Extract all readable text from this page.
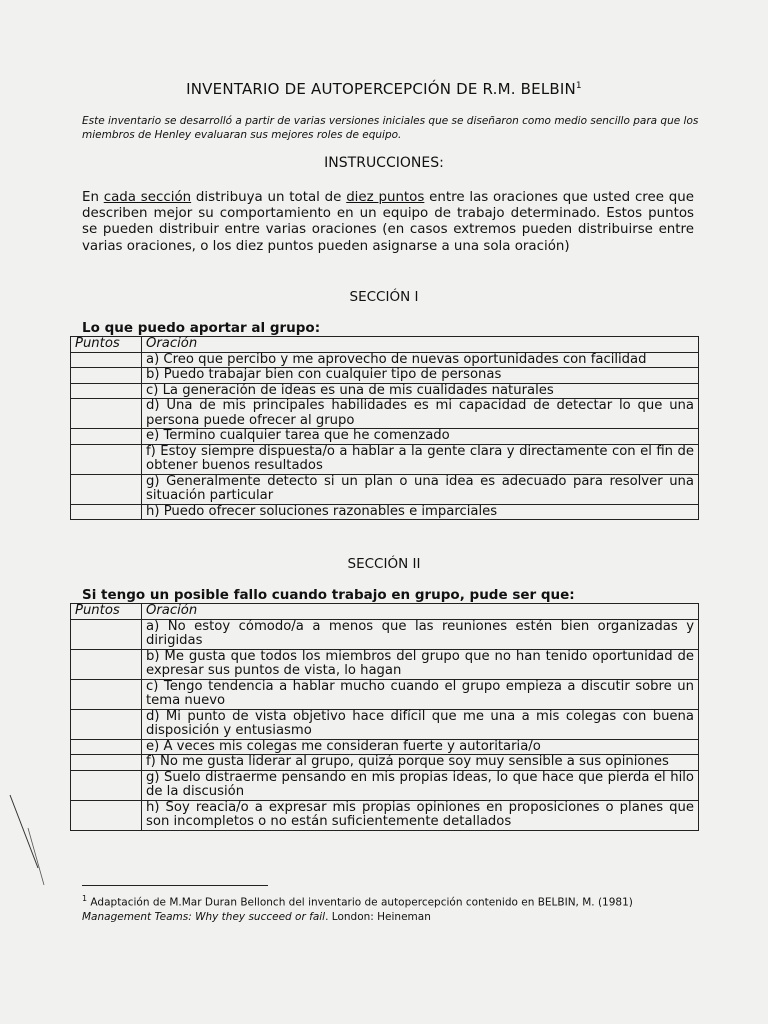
INVENTARIO DE AUTOPERCEPCIÓN DE R.M. BELBIN$^1$
Este inventario se desarrolló a partir de varias versiones iniciales que se diseñaron como medio sencillo para que los miembros de Henley evaluaran sus mejores roles de equipo.
INSTRUCCIONES:
En cada sección distribuya un total de diez puntos entre las oraciones que usted cree que describen mejor su comportamiento en un equipo de trabajo determinado. Estos puntos se pueden distribuir entre varias oraciones (en casos extremos pueden distribuirse entre varias oraciones, o los diez puntos pueden asignarse a una sola oración)
SECCIÓN I
Lo que puedo aportar al grupo:
Puntos	Oración
	a) Creo que percibo y me aprovecho de nuevas oportunidades con facilidad
	b) Puedo trabajar bien con cualquier tipo de personas
	c) La generación de ideas es una de mis cualidades naturales
	d) Una de mis principales habilidades es mi capacidad de detectar lo que una persona puede ofrecer al grupo
	e) Termino cualquier tarea que he comenzado
	f) Estoy siempre dispuesta/o a hablar a la gente clara y directamente con el fin de obtener buenos resultados
	g) Generalmente detecto si un plan o una idea es adecuado para resolver una situación particular
	h) Puedo ofrecer soluciones razonables e imparciales
SECCIÓN II
Si tengo un posible fallo cuando trabajo en grupo, pude ser que:
Puntos	Oración
	a) No estoy cómodo/a a menos que las reuniones estén bien organizadas y dirigidas
	b) Me gusta que todos los miembros del grupo que no han tenido oportunidad de expresar sus puntos de vista, lo hagan
	c) Tengo tendencia a hablar mucho cuando el grupo empieza a discutir sobre un tema nuevo
	d) Mi punto de vista objetivo hace difícil que me una a mis colegas con buena disposición y entusiasmo
	e) A veces mis colegas me consideran fuerte y autoritaria/o
	f) No me gusta liderar al grupo, quizá porque soy muy sensible a sus opiniones
	g) Suelo distraerme pensando en mis propias ideas, lo que hace que pierda el hilo de la discusión
	h) Soy reacia/o a expresar mis propias opiniones en proposiciones o planes que son incompletos o no están suficientemente detallados
$^1$ Adaptación de M.Mar Duran Bellonch del inventario de autopercepción contenido en BELBIN, M. (1981) Management Teams: Why they succeed or fail. London: Heineman
